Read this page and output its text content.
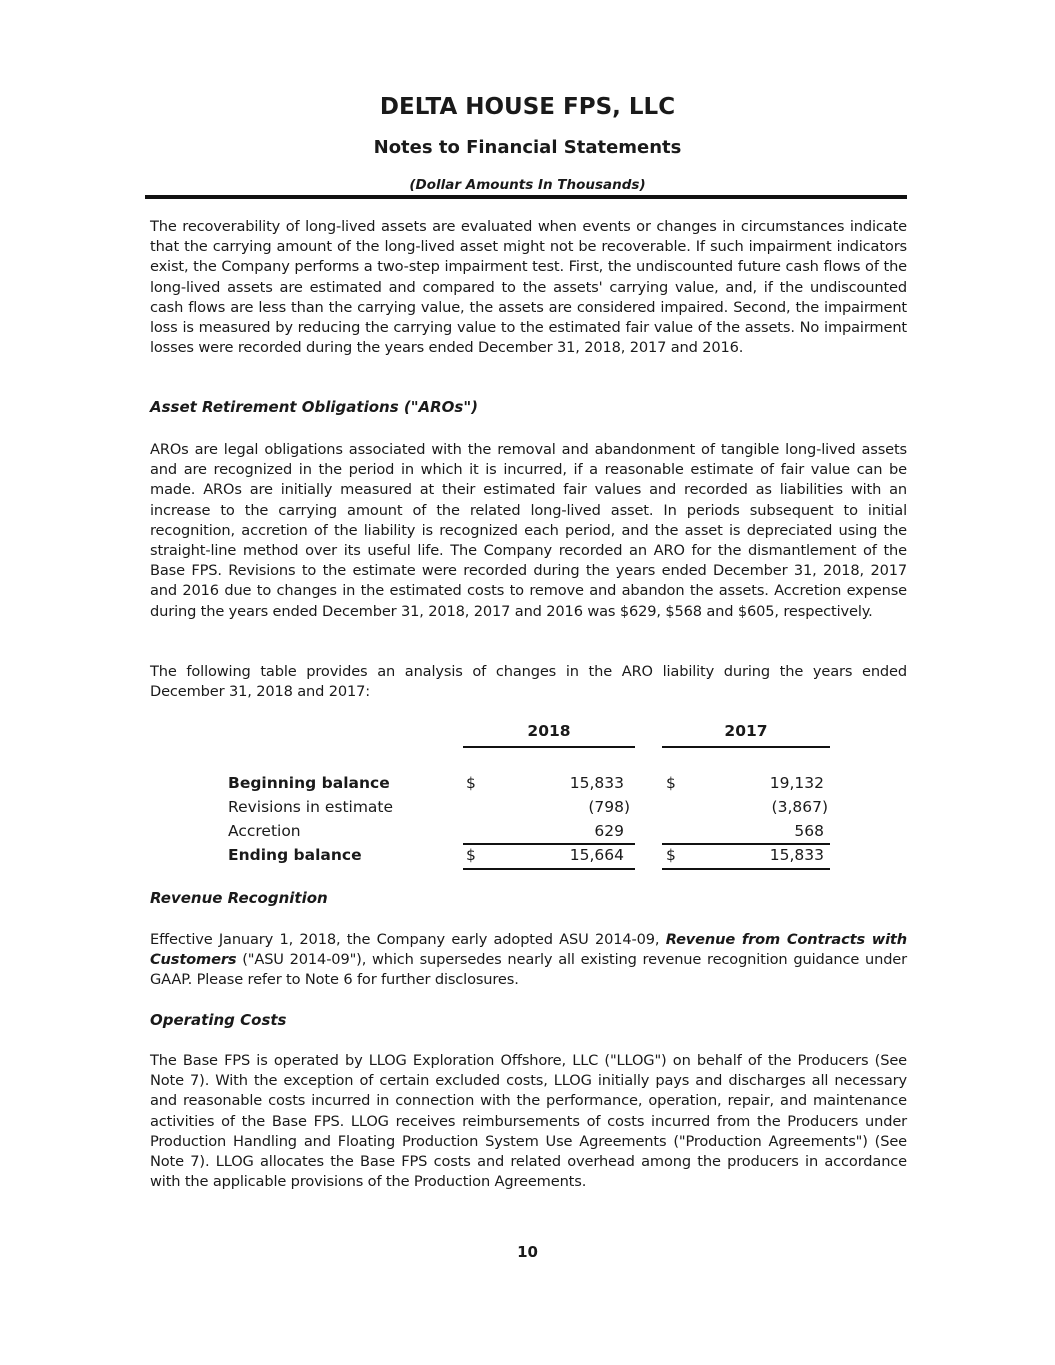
DELTA HOUSE FPS, LLC
Notes to Financial Statements
(Dollar Amounts In Thousands)
The recoverability of long-lived assets are evaluated when events or changes in circumstances indicate that the carrying amount of the long-lived asset might not be recoverable. If such impairment indicators exist, the Company performs a two-step impairment test. First, the undiscounted future cash flows of the long-lived assets are estimated and compared to the assets' carrying value, and, if the undiscounted cash flows are less than the carrying value, the assets are considered impaired. Second, the impairment loss is measured by reducing the carrying value to the estimated fair value of the assets. No impairment losses were recorded during the years ended December 31, 2018, 2017 and 2016.
Asset Retirement Obligations ("AROs")
AROs are legal obligations associated with the removal and abandonment of tangible long-lived assets and are recognized in the period in which it is incurred, if a reasonable estimate of fair value can be made. AROs are initially measured at their estimated fair values and recorded as liabilities with an increase to the carrying amount of the related long-lived asset. In periods subsequent to initial recognition, accretion of the liability is recognized each period, and the asset is depreciated using the straight-line method over its useful life. The Company recorded an ARO for the dismantlement of the Base FPS. Revisions to the estimate were recorded during the years ended December 31, 2018, 2017 and 2016 due to changes in the estimated costs to remove and abandon the assets. Accretion expense during the years ended December 31, 2018, 2017 and 2016 was $629, $568 and $605, respectively.
The following table provides an analysis of changes in the ARO liability during the years ended December 31, 2018 and 2017:
2018	2017
Beginning balance	$	15,833	$	19,132
Revisions in estimate	(798)	(3,867)
Accretion	629	568
Ending balance	$	15,664	$	15,833
Revenue Recognition
Effective January 1, 2018, the Company early adopted ASU 2014-09, Revenue from Contracts with Customers ("ASU 2014-09"), which supersedes nearly all existing revenue recognition guidance under GAAP. Please refer to Note 6 for further disclosures.
Operating Costs
The Base FPS is operated by LLOG Exploration Offshore, LLC ("LLOG") on behalf of the Producers (See Note 7). With the exception of certain excluded costs, LLOG initially pays and discharges all necessary and reasonable costs incurred in connection with the performance, operation, repair, and maintenance activities of the Base FPS. LLOG receives reimbursements of costs incurred from the Producers under Production Handling and Floating Production System Use Agreements ("Production Agreements") (See Note 7). LLOG allocates the Base FPS costs and related overhead among the producers in accordance with the applicable provisions of the Production Agreements.
10
